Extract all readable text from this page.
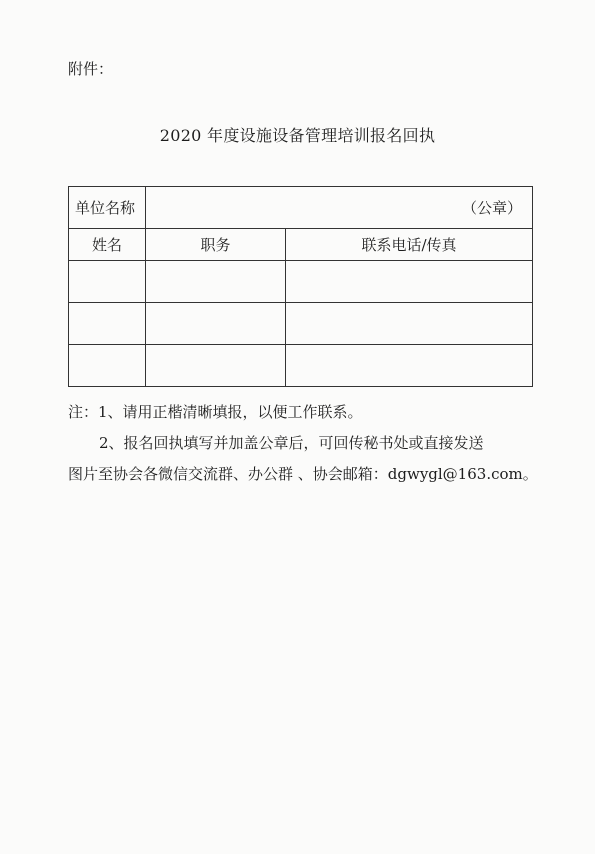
附件：
2020 年度设施设备管理培训报名回执
单位名称	（公章）	
姓名	职务	联系电话/传真

注：1、请用正楷清晰填报，以便工作联系。

2、报名回执填写并加盖公章后，可回传秘书处或直接发送

图片至协会各微信交流群、办公群 、协会邮箱：dgwygl@163.com。
